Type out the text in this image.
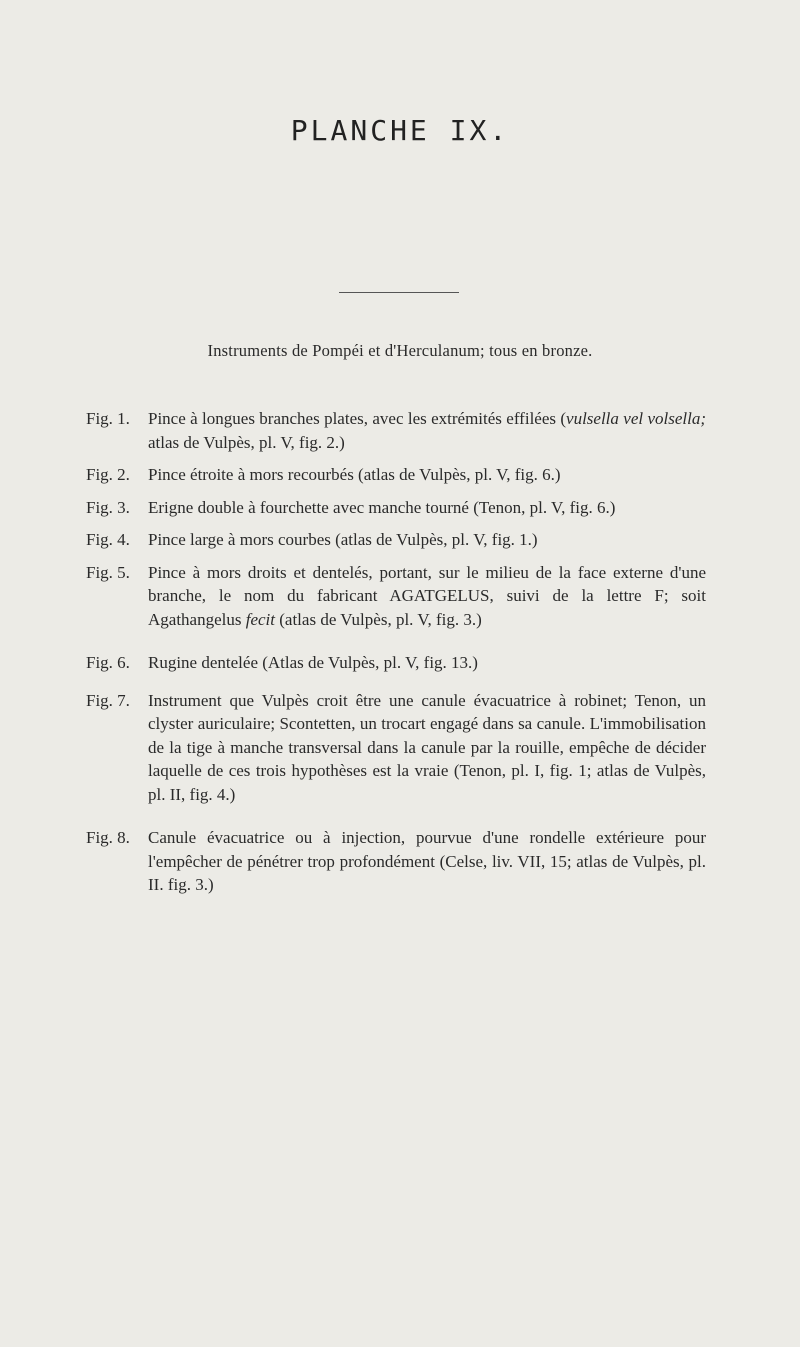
PLANCHE IX.
Instruments de Pompéi et d'Herculanum; tous en bronze.
Fig. 1.	Pince à longues branches plates, avec les extrémités effilées (vulsella vel volsella; atlas de Vulpès, pl. V, fig. 2.)
Fig. 2.	Pince étroite à mors recourbés (atlas de Vulpès, pl. V, fig. 6.)
Fig. 3.	Erigne double à fourchette avec manche tourné (Tenon, pl. V, fig. 6.)
Fig. 4.	Pince large à mors courbes (atlas de Vulpès, pl. V, fig. 1.)
Fig. 5.	Pince à mors droits et dentelés, portant, sur le milieu de la face externe d'une branche, le nom du fabricant AGATGELUS, suivi de la lettre F; soit Agathangelus fecit (atlas de Vulpès, pl. V, fig. 3.)
Fig. 6.	Rugine dentelée (Atlas de Vulpès, pl. V, fig. 13.)
Fig. 7.	Instrument que Vulpès croit être une canule évacuatrice à robinet; Tenon, un clyster auriculaire; Scontetten, un trocart engagé dans sa canule. L'immobilisation de la tige à manche transversal dans la canule par la rouille, empêche de décider laquelle de ces trois hypothèses est la vraie (Tenon, pl. I, fig. 1; atlas de Vulpès, pl. II, fig. 4.)
Fig. 8.	Canule évacuatrice ou à injection, pourvue d'une rondelle extérieure pour l'empêcher de pénétrer trop profondément (Celse, liv. VII, 15; atlas de Vulpès, pl. II. fig. 3.)
